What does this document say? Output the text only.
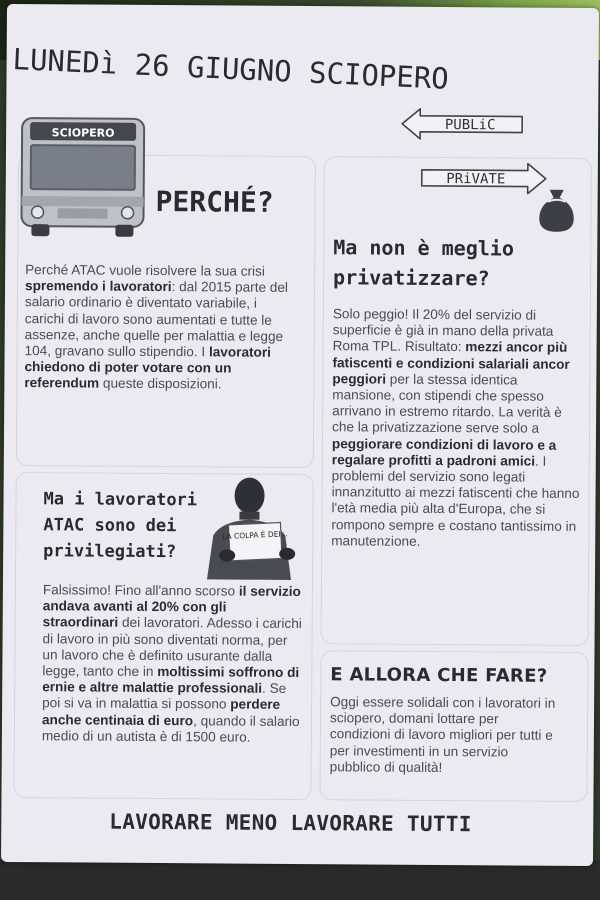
LUNEDì 26 GIUGNO SCIOPERO
SCIOPERO	PUBLiC
PRiVATE
LA COLPA È DEI...
PERCHÉ?
Ma i lavoratori ATAC sono dei privilegiati?
Ma non è meglio privatizzare?
E ALLORA CHE FARE?
Perché ATAC vuole risolvere la sua crisi spremendo i lavoratori: dal 2015 parte del salario ordinario è diventato variabile, i carichi di lavoro sono aumentati e tutte le assenze, anche quelle per malattia e legge 104, gravano sullo stipendio. I lavoratori chiedono di poter votare con un referendum queste disposizioni.
Falsissimo! Fino all'anno scorso il servizio andava avanti al 20% con gli straordinari dei lavoratori. Adesso i carichi di lavoro in più sono diventati norma, per un lavoro che è definito usurante dalla legge, tanto che in moltissimi soffrono di ernie e altre malattie professionali. Se poi si va in malattia si possono perdere anche centinaia di euro, quando il salario medio di un autista è di 1500 euro.
Solo peggio! Il 20% del servizio di superficie è già in mano della privata Roma TPL. Risultato: mezzi ancor più fatiscenti e condizioni salariali ancor peggiori per la stessa identica mansione, con stipendi che spesso arrivano in estremo ritardo. La verità è che la privatizzazione serve solo a peggiorare condizioni di lavoro e a regalare profitti a padroni amici. I problemi del servizio sono legati innanzitutto ai mezzi fatiscenti che hanno l'età media più alta d'Europa, che si rompono sempre e costano tantissimo in manutenzione.
Oggi essere solidali con i lavoratori in sciopero, domani lottare per condizioni di lavoro migliori per tutti e per investimenti in un servizio pubblico di qualità!
LAVORARE MENO LAVORARE TUTTI
